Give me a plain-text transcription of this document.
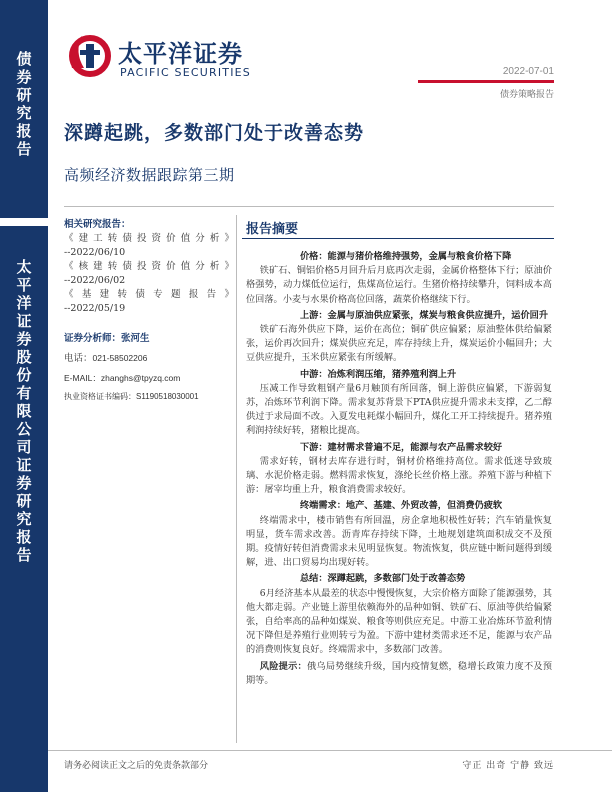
债券研究报告
太平洋证券股份有限公司证券研究报告
太平洋证券
PACIFIC SECURITIES	2022-07-01
债券策略报告
深蹲起跳，多数部门处于改善态势
高频经济数据跟踪第三期

相关研究报告：

《建工转债投资价值分析》

--2022/06/10

《核建转债投资价值分析》

--2022/06/02

《基建转债专题报告》

--2022/05/19

证券分析师：张河生

电话：021-58502206

E-MAIL：zhanghs@tpyzq.com

执业资格证书编码：S1190518030001

报告摘要

价格：能源与猪价格维持强势，金属与粮食价格下降

铁矿石、铜铝价格5月回升后月底再次走弱，金属价格整体下行；原油价格强势，动力煤低位运行，焦煤高位运行。生猪价格持续攀升，饲料成本高位回落。小麦与水果价格高位回落，蔬菜价格继续下行。

上游：金属与原油供应紧张，煤炭与粮食供应提升，运价回升

铁矿石海外供应下降，运价在高位；铜矿供应偏紧；原油整体供给偏紧张，运价再次回升；煤炭供应充足，库存持续上升，煤炭运价小幅回升；大豆供应提升，玉米供应紧张有所缓解。

中游：冶炼利润压缩，猪养殖利润上升

压减工作导致粗钢产量6月触顶有所回落，铜上游供应偏紧，下游弱复苏，冶炼环节利润下降。需求复苏背景下PTA供应提升需求未支撑，乙二醇供过于求局面不改。入夏发电耗煤小幅回升，煤化工开工持续提升。猪养殖利润持续好转，猪粮比提高。

下游：建材需求普遍不足，能源与农产品需求较好

需求好转，钢材去库存进行时，铜材价格维持高位。需求低迷导致玻璃、水泥价格走弱。燃料需求恢复，涤纶长丝价格上涨。养殖下游与种植下游：屠宰均重上升，粮食消费需求较好。

终端需求：地产、基建、外贸改善，但消费仍疲软

终端需求中，楼市销售有所回温，房企拿地积极性好转；汽车销量恢复明显，货车需求改善。沥青库存持续下降，土地规划建筑面积成交不及预期。疫情好转但消费需求未见明显恢复。物流恢复，供应链中断问题得到缓解，进、出口贸易均出现好转。

总结：深蹲起跳，多数部门处于改善态势

6月经济基本从最差的状态中慢慢恢复，大宗价格方面除了能源强势，其他大都走弱。产业链上游里依赖海外的品种如铜、铁矿石、原油等供给偏紧张，自给率高的品种如煤炭、粮食等则供应充足。中游工业冶炼环节盈利情况下降但是养殖行业则转亏为盈。下游中建材类需求还不足，能源与农产品的消费则恢复良好。终端需求中，多数部门改善。

风险提示：俄乌局势继续升级，国内疫情复燃，稳增长政策力度不及预期等。

请务必阅读正文之后的免责条款部分	守正 出奇 宁静 致远
